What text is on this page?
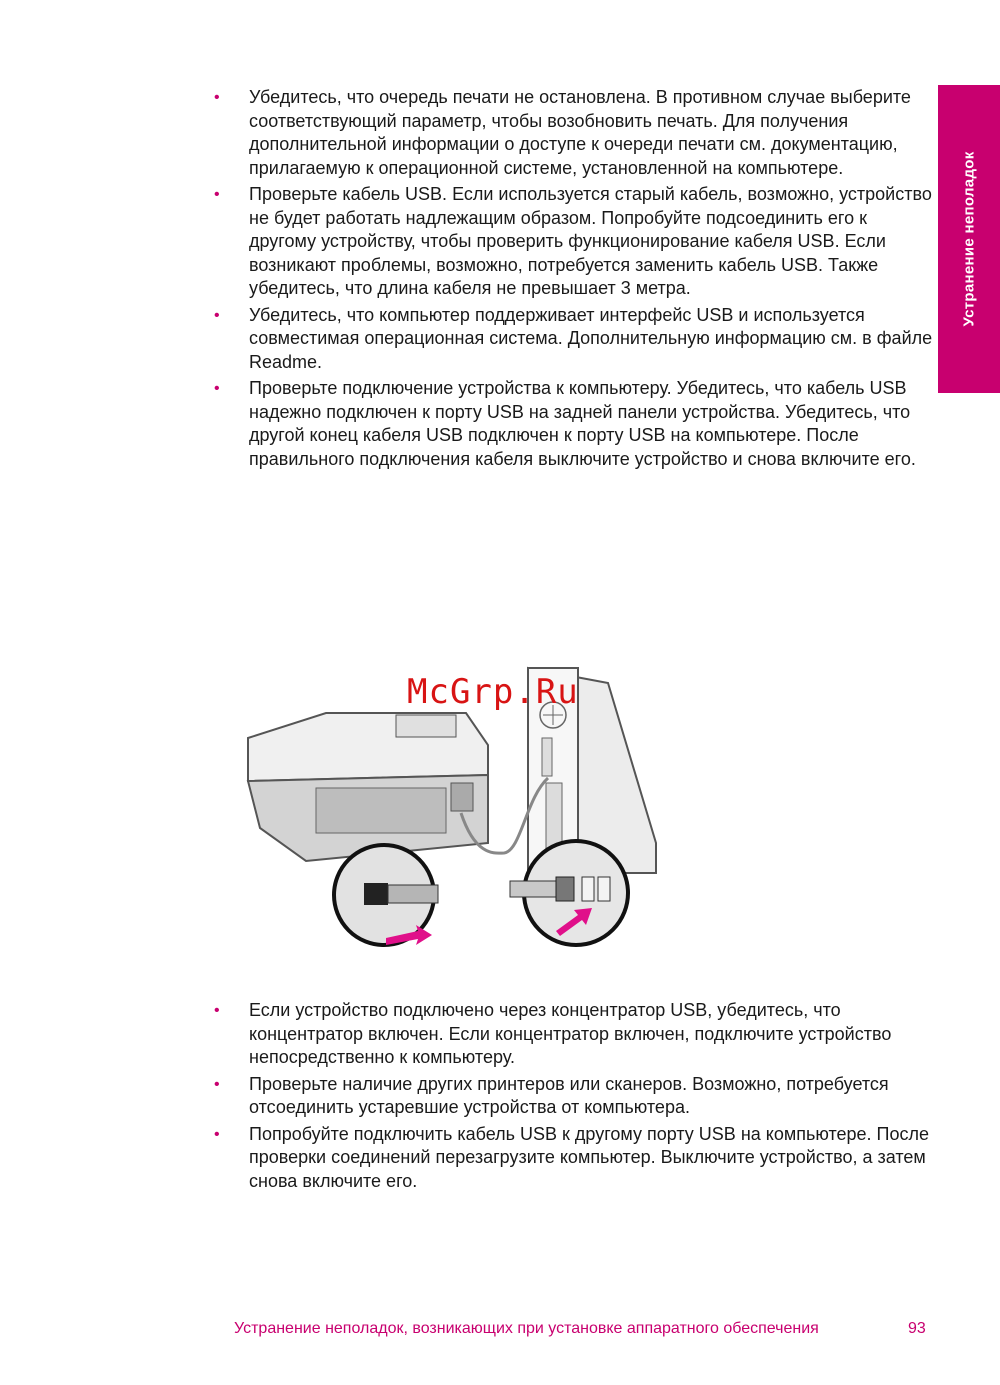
Устранение неполадок
• Убедитесь, что очередь печати не остановлена. В противном случае выберите соответствующий параметр, чтобы возобновить печать. Для получения дополнительной информации о доступе к очереди печати см. документацию, прилагаемую к операционной системе, установленной на компьютере.
• Проверьте кабель USB. Если используется старый кабель, возможно, устройство не будет работать надлежащим образом. Попробуйте подсоединить его к другому устройству, чтобы проверить функционирование кабеля USB. Если возникают проблемы, возможно, потребуется заменить кабель USB. Также убедитесь, что длина кабеля не превышает 3 метра.
• Убедитесь, что компьютер поддерживает интерфейс USB и используется совместимая операционная система. Дополнительную информацию см. в файле Readme.
• Проверьте подключение устройства к компьютеру. Убедитесь, что кабель USB надежно подключен к порту USB на задней панели устройства. Убедитесь, что другой конец кабеля USB подключен к порту USB на компьютере. После правильного подключения кабеля выключите устройство и снова включите его.
McGrp.Ru
• Если устройство подключено через концентратор USB, убедитесь, что концентратор включен. Если концентратор включен, подключите устройство непосредственно к компьютеру.
• Проверьте наличие других принтеров или сканеров. Возможно, потребуется отсоединить устаревшие устройства от компьютера.
• Попробуйте подключить кабель USB к другому порту USB на компьютере. После проверки соединений перезагрузите компьютер. Выключите устройство, а затем снова включите его.
Устранение неполадок, возникающих при установке аппаратного обеспечения	93
